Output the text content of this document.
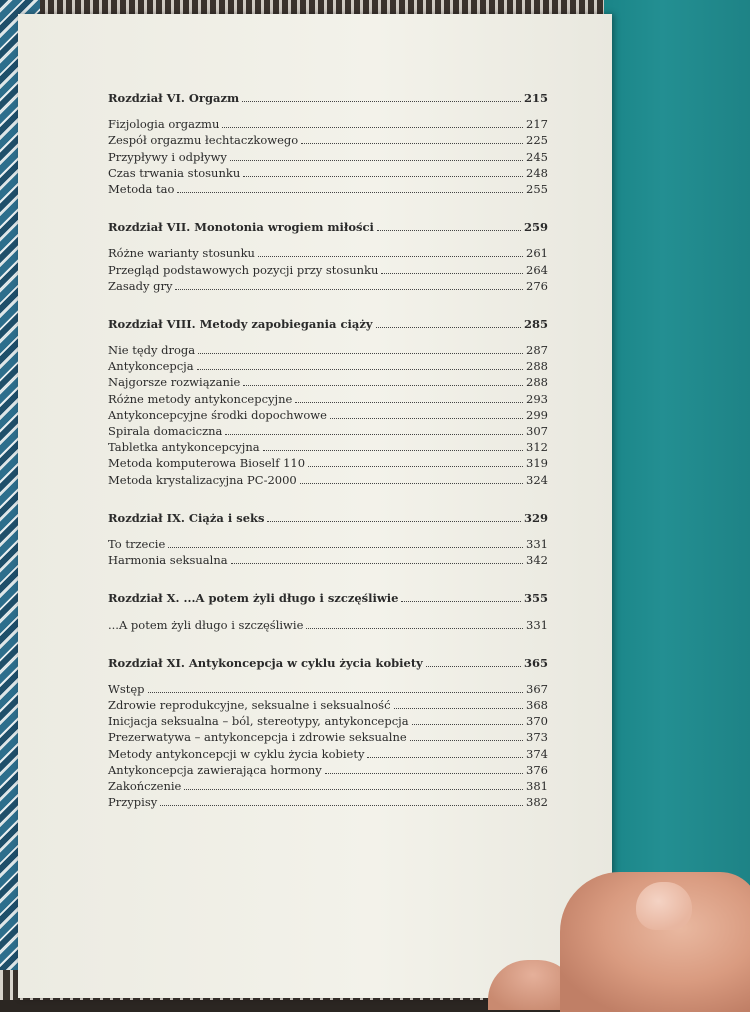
Rozdział VI. Orgazm	215
Fizjologia orgazmu	217
Zespół orgazmu łechtaczkowego	225
Przypływy i odpływy	245
Czas trwania stosunku	248
Metoda tao	255
Rozdział VII. Monotonia wrogiem miłości	259
Różne warianty stosunku	261
Przegląd podstawowych pozycji przy stosunku	264
Zasady gry	276
Rozdział VIII. Metody zapobiegania ciąży	285
Nie tędy droga	287
Antykoncepcja	288
Najgorsze rozwiązanie	288
Różne metody antykoncepcyjne	293
Antykoncepcyjne środki dopochwowe	299
Spirala domaciczna	307
Tabletka antykoncepcyjna	312
Metoda komputerowa Bioself 110	319
Metoda krystalizacyjna PC-2000	324
Rozdział IX. Ciąża i seks	329
To trzecie	331
Harmonia seksualna	342
Rozdział X. ...A potem żyli długo i szczęśliwie	355
...A potem żyli długo i szczęśliwie	331
Rozdział XI. Antykoncepcja w cyklu życia kobiety	365
Wstęp	367
Zdrowie reprodukcyjne, seksualne i seksualność	368
Inicjacja seksualna – ból, stereotypy, antykoncepcja	370
Prezerwatywa – antykoncepcja i zdrowie seksualne	373
Metody antykoncepcji w cyklu życia kobiety	374
Antykoncepcja zawierająca hormony	376
Zakończenie	381
Przypisy	382
